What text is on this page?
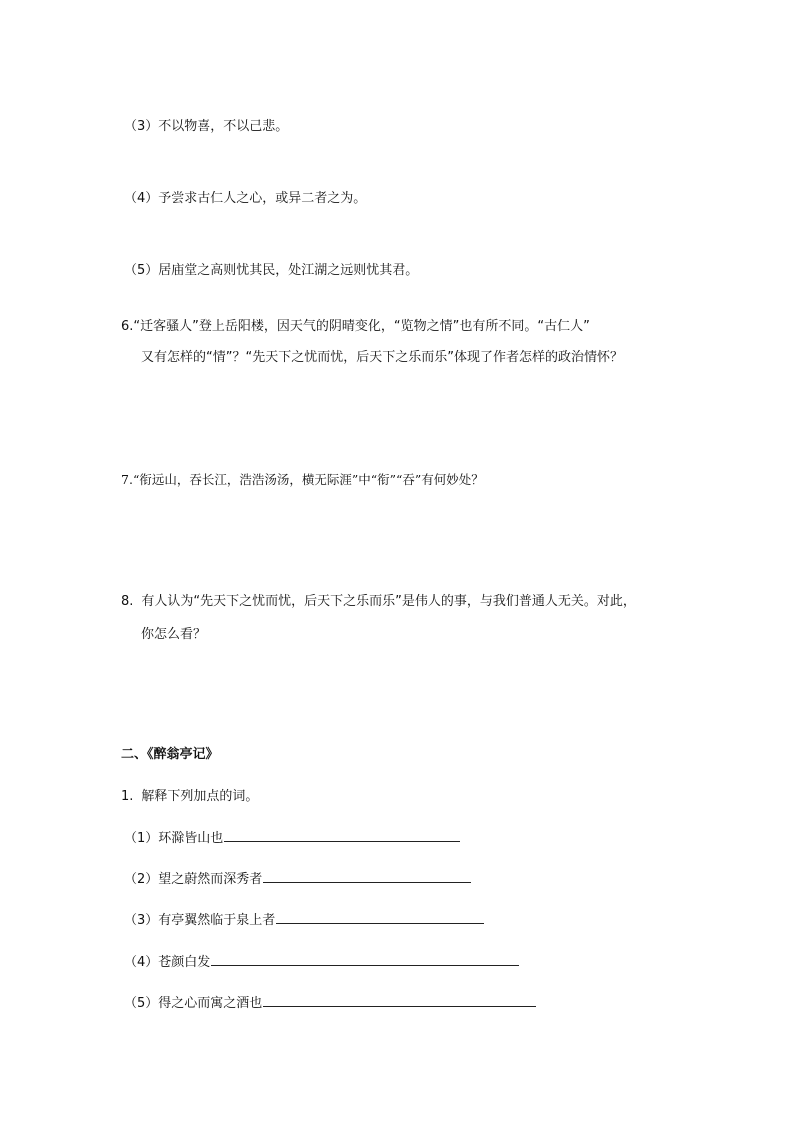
（3）不以物喜，不以己悲。
（4）予尝求古仁人之心，或异二者之为。
（5）居庙堂之高则忧其民，处江湖之远则忧其君。
6.“迁客骚人”登上岳阳楼，因天气的阴晴变化，“览物之情”也有所不同。“古仁人”
又有怎样的“情”？“先天下之忧而忧，后天下之乐而乐”体现了作者怎样的政治情怀？
7.“衔远山，吞长江，浩浩汤汤，横无际涯”中“衔”“吞”有何妙处？
8. 有人认为“先天下之忧而忧，后天下之乐而乐”是伟人的事，与我们普通人无关。对此，
你怎么看？
二、《醉翁亭记》
1. 解释下列加点的词。
（1）环滁皆山也
（2）望之蔚然而深秀者
（3）有亭翼然临于泉上者
（4）苍颜白发
（5）得之心而寓之酒也
